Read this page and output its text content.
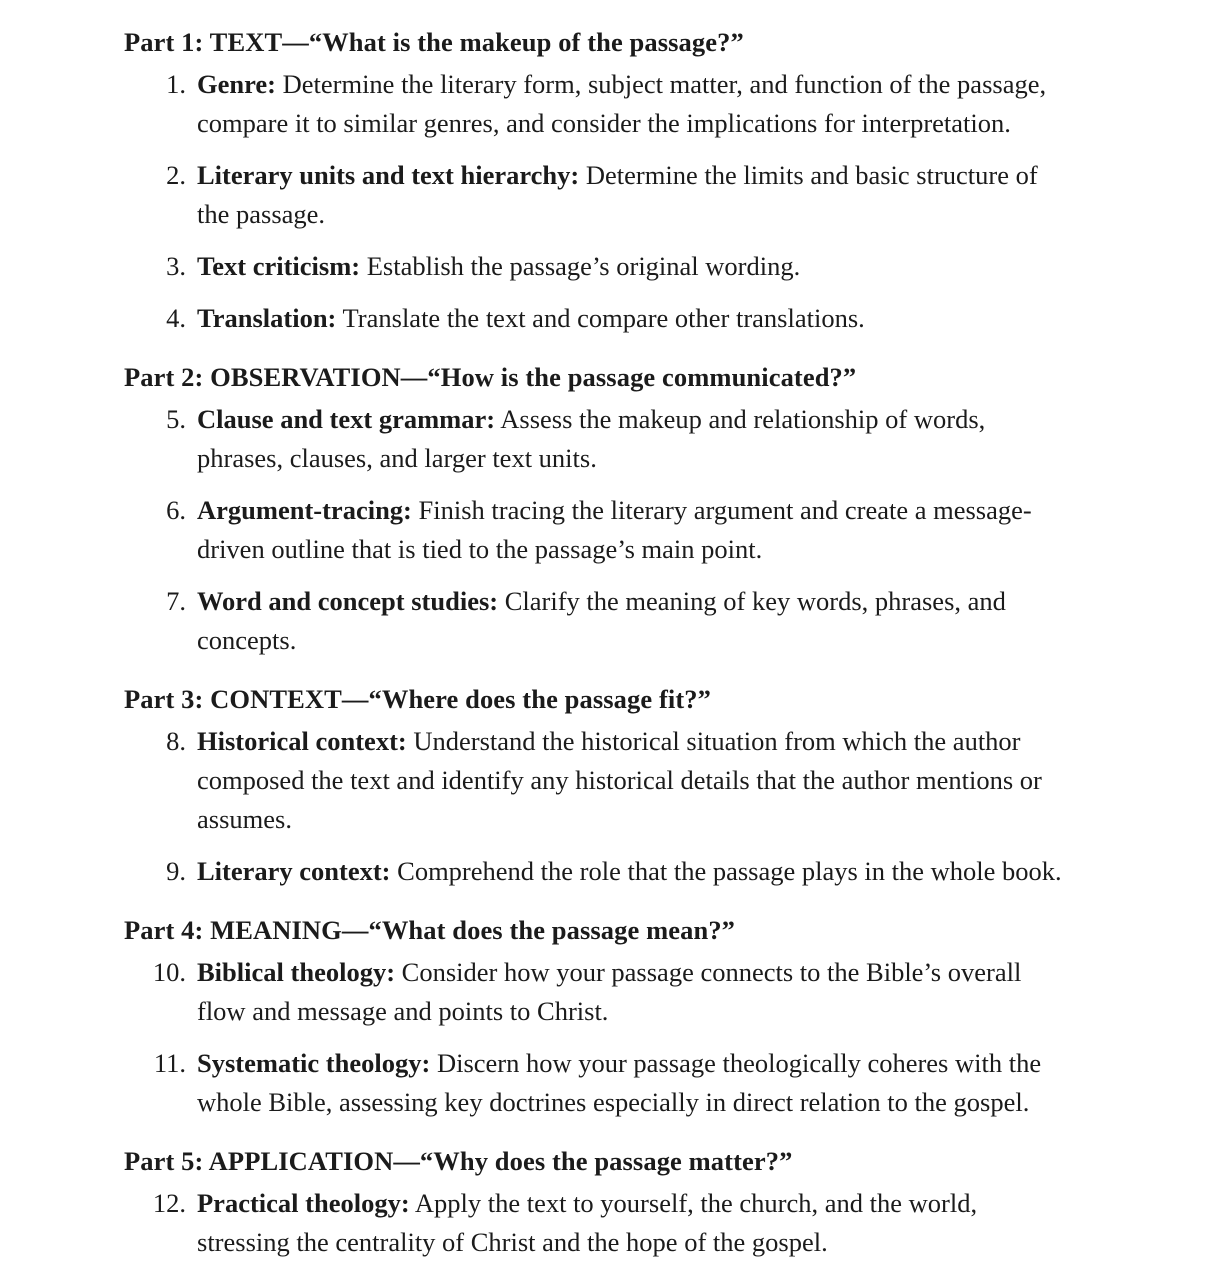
Part 1: TEXT—“What is the makeup of the passage?”
1. Genre: Determine the literary form, subject matter, and function of the passage, compare it to similar genres, and consider the implications for interpretation.
2. Literary units and text hierarchy: Determine the limits and basic structure of the passage.
3. Text criticism: Establish the passage’s original wording.
4. Translation: Translate the text and compare other translations.
Part 2: OBSERVATION—“How is the passage communicated?”
5. Clause and text grammar: Assess the makeup and relationship of words, phrases, clauses, and larger text units.
6. Argument-tracing: Finish tracing the literary argument and create a message-driven outline that is tied to the passage’s main point.
7. Word and concept studies: Clarify the meaning of key words, phrases, and concepts.
Part 3: CONTEXT—“Where does the passage fit?”
8. Historical context: Understand the historical situation from which the author composed the text and identify any historical details that the author mentions or assumes.
9. Literary context: Comprehend the role that the passage plays in the whole book.
Part 4: MEANING—“What does the passage mean?”
10. Biblical theology: Consider how your passage connects to the Bible’s overall flow and message and points to Christ.
11. Systematic theology: Discern how your passage theologically coheres with the whole Bible, assessing key doctrines especially in direct relation to the gospel.
Part 5: APPLICATION—“Why does the passage matter?”
12. Practical theology: Apply the text to yourself, the church, and the world, stressing the centrality of Christ and the hope of the gospel.
